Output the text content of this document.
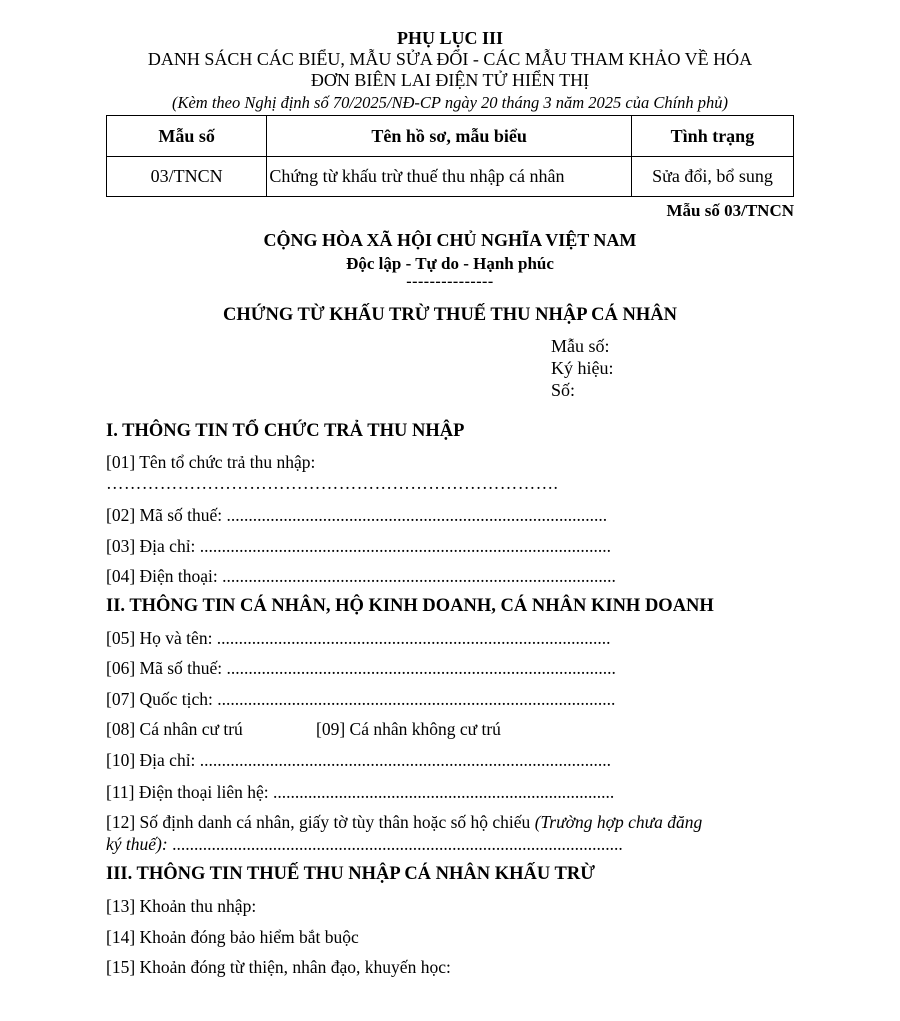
PHỤ LỤC III
DANH SÁCH CÁC BIỂU, MẪU SỬA ĐỔI - CÁC MẪU THAM KHẢO VỀ HÓA
ĐƠN BIÊN LAI ĐIỆN TỬ HIỂN THỊ
(Kèm theo Nghị định số 70/2025/NĐ-CP ngày 20 tháng 3 năm 2025 của Chính phủ)
Mẫu số	Tên hồ sơ, mẫu biểu	Tình trạng
03/TNCN	Chứng từ khấu trừ thuế thu nhập cá nhân	Sửa đổi, bổ sung
Mẫu số 03/TNCN
CỘNG HÒA XÃ HỘI CHỦ NGHĨA VIỆT NAM
Độc lập - Tự do - Hạnh phúc
---------------
CHỨNG TỪ KHẤU TRỪ THUẾ THU NHẬP CÁ NHÂN
Mẫu số:
Ký hiệu:
Số:
I. THÔNG TIN TỔ CHỨC TRẢ THU NHẬP
[01] Tên tổ chức trả thu nhập:
………………………………………………………………….
[02] Mã số thuế: .......................................................................................
[03] Địa chỉ: ..............................................................................................
[04] Điện thoại: ..........................................................................................
II. THÔNG TIN CÁ NHÂN, HỘ KINH DOANH, CÁ NHÂN KINH DOANH
[05] Họ và tên: ..........................................................................................
[06] Mã số thuế: .........................................................................................
[07] Quốc tịch: ...........................................................................................
[08] Cá nhân cư trú	[09] Cá nhân không cư trú
[10] Địa chỉ: ..............................................................................................
[11] Điện thoại liên hệ: ..............................................................................
[12] Số định danh cá nhân, giấy tờ tùy thân hoặc số hộ chiếu (Trường hợp chưa đăng
ký thuế): .......................................................................................................
III. THÔNG TIN THUẾ THU NHẬP CÁ NHÂN KHẤU TRỪ
[13] Khoản thu nhập:
[14] Khoản đóng bảo hiểm bắt buộc
[15] Khoản đóng từ thiện, nhân đạo, khuyến học:
